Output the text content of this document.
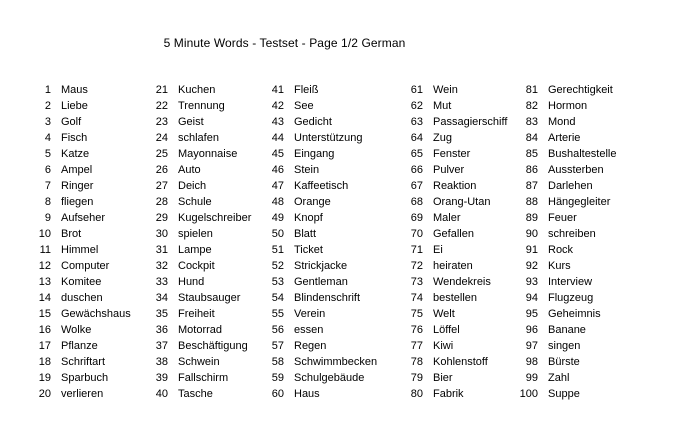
5 Minute Words - Testset - Page 1/2 German
1 Maus
2 Liebe
3 Golf
4 Fisch
5 Katze
6 Ampel
7 Ringer
8 fliegen
9 Aufseher
10 Brot
11 Himmel
12 Computer
13 Komitee
14 duschen
15 Gewächshaus
16 Wolke
17 Pflanze
18 Schriftart
19 Sparbuch
20 verlieren
21 Kuchen
22 Trennung
23 Geist
24 schlafen
25 Mayonnaise
26 Auto
27 Deich
28 Schule
29 Kugelschreiber
30 spielen
31 Lampe
32 Cockpit
33 Hund
34 Staubsauger
35 Freiheit
36 Motorrad
37 Beschäftigung
38 Schwein
39 Fallschirm
40 Tasche
41 Fleiß
42 See
43 Gedicht
44 Unterstützung
45 Eingang
46 Stein
47 Kaffeetisch
48 Orange
49 Knopf
50 Blatt
51 Ticket
52 Strickjacke
53 Gentleman
54 Blindenschrift
55 Verein
56 essen
57 Regen
58 Schwimmbecken
59 Schulgebäude
60 Haus
61 Wein
62 Mut
63 Passagierschiff
64 Zug
65 Fenster
66 Pulver
67 Reaktion
68 Orang-Utan
69 Maler
70 Gefallen
71 Ei
72 heiraten
73 Wendekreis
74 bestellen
75 Welt
76 Löffel
77 Kiwi
78 Kohlenstoff
79 Bier
80 Fabrik
81 Gerechtigkeit
82 Hormon
83 Mond
84 Arterie
85 Bushaltestelle
86 Aussterben
87 Darlehen
88 Hängegleiter
89 Feuer
90 schreiben
91 Rock
92 Kurs
93 Interview
94 Flugzeug
95 Geheimnis
96 Banane
97 singen
98 Bürste
99 Zahl
100 Suppe
